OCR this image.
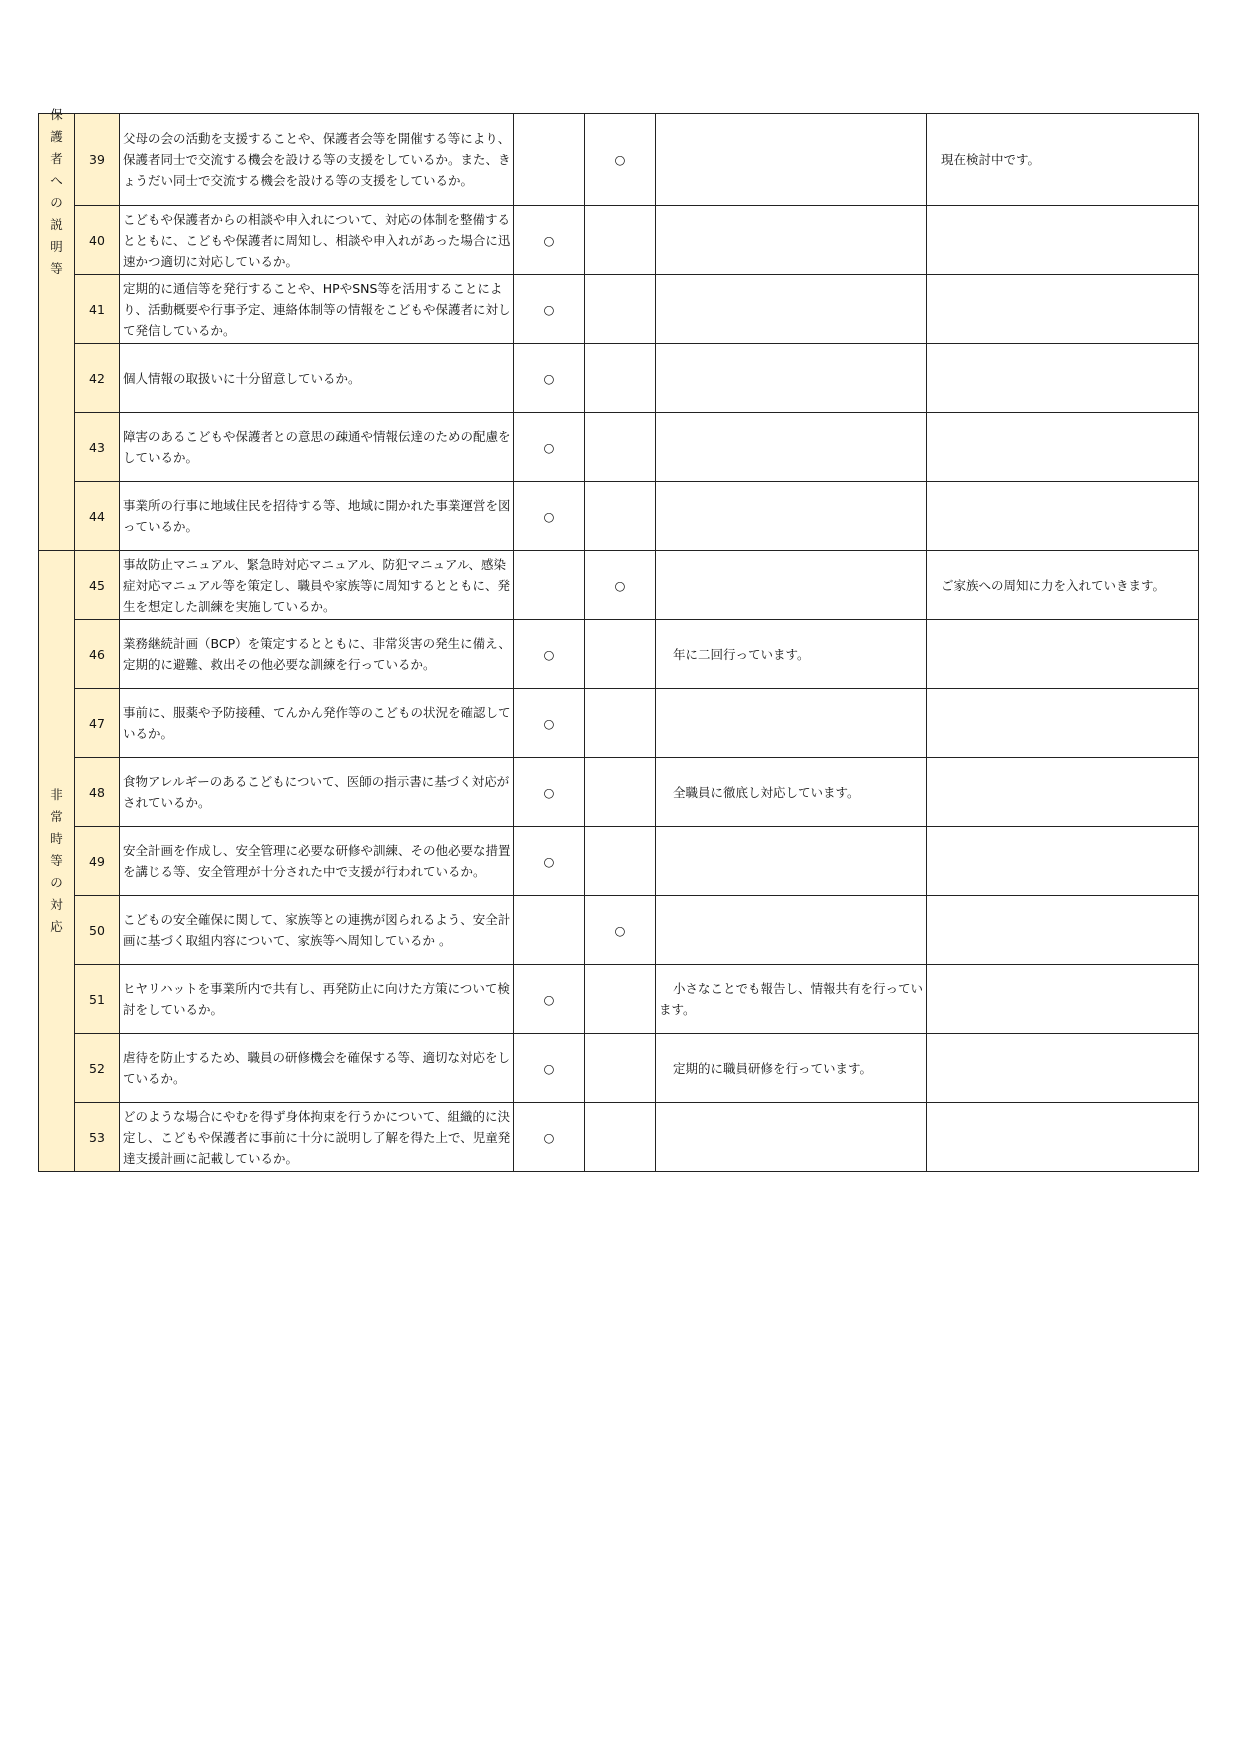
保護者への説明等	39	父母の会の活動を支援することや、保護者会等を開催する等により、保護者同士で交流する機会を設ける等の支援をしているか。また、きょうだい同士で交流する機会を設ける等の支援をしているか。		○		現在検討中です。
	40	こどもや保護者からの相談や申入れについて、対応の体制を整備するとともに、こどもや保護者に周知し、相談や申入れがあった場合に迅速かつ適切に対応しているか。	○			
	41	定期的に通信等を発行することや、HPやSNS等を活用することにより、活動概要や行事予定、連絡体制等の情報をこどもや保護者に対して発信しているか。	○			
	42	個人情報の取扱いに十分留意しているか。	○			
	43	障害のあるこどもや保護者との意思の疎通や情報伝達のための配慮をしているか。	○			
	44	事業所の行事に地域住民を招待する等、地域に開かれた事業運営を図っているか。	○			

非常時等の対応	45	事故防止マニュアル、緊急時対応マニュアル、防犯マニュアル、感染症対応マニュアル等を策定し、職員や家族等に周知するとともに、発生を想定した訓練を実施しているか。		○		ご家族への周知に力を入れていきます。
	46	業務継続計画（BCP）を策定するとともに、非常災害の発生に備え、定期的に避難、救出その他必要な訓練を行っているか。	○		年に二回行っています。	
	47	事前に、服薬や予防接種、てんかん発作等のこどもの状況を確認しているか。	○			
	48	食物アレルギーのあるこどもについて、医師の指示書に基づく対応がされているか。	○		全職員に徹底し対応しています。	
	49	安全計画を作成し、安全管理に必要な研修や訓練、その他必要な措置を講じる等、安全管理が十分された中で支援が行われているか。	○			
	50	こどもの安全確保に関して、家族等との連携が図られるよう、安全計画に基づく取組内容について、家族等へ周知しているか 。		○		
	51	ヒヤリハットを事業所内で共有し、再発防止に向けた方策について検討をしているか。	○		小さなことでも報告し、情報共有を行っています。	
	52	虐待を防止するため、職員の研修機会を確保する等、適切な対応をしているか。	○		定期的に職員研修を行っています。	
	53	どのような場合にやむを得ず身体拘束を行うかについて、組織的に決定し、こどもや保護者に事前に十分に説明し了解を得た上で、児童発達支援計画に記載しているか。	○			
